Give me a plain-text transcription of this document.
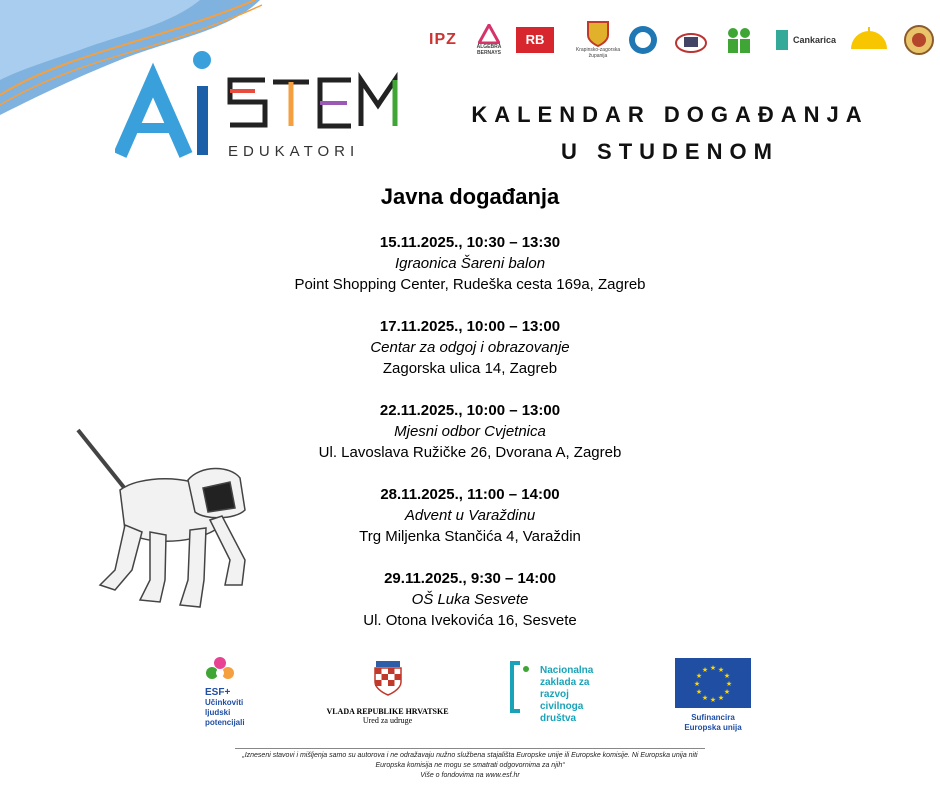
IPZ	ALGEBRA BERNAYS
RB
Krapinsko-zagorska županija
Cankarica
EDUKATORI
KALENDAR DOGAĐANJA
U STUDENOM
Javna događanja
15.11.2025., 10:30 – 13:30
Igraonica Šareni balon
Point Shopping Center, Rudeška cesta 169a, Zagreb
17.11.2025., 10:00 – 13:00
Centar za odgoj i obrazovanje
Zagorska ulica 14, Zagreb
22.11.2025., 10:00 – 13:00
Mjesni odbor Cvjetnica
Ul. Lavoslava Ružičke 26, Dvorana A, Zagreb
28.11.2025., 11:00 – 14:00
Advent u Varaždinu
Trg Miljenka Stančića 4, Varaždin
29.11.2025., 9:30 – 14:00
OŠ Luka Sesvete
Ul. Otona Ivekovića 16, Sesvete
ESF+
Učinkoviti
ljudski
potencijali
VLADA REPUBLIKE HRVATSKE
Ured za udruge
Nacionalna
zaklada za
razvoj
civilnoga
društva
★ ★
★
★
★
★
★
★
★
★
★
★
Sufinancira
Europska unija
„Izneseni stavovi i mišljenja samo su autorova i ne odražavaju nužno službena stajališta Europske unije ili Europske komisije. Ni Europska unija niti
Europska komisija ne mogu se smatrati odgovornima za njih“
Više o fondovima na www.esf.hr
